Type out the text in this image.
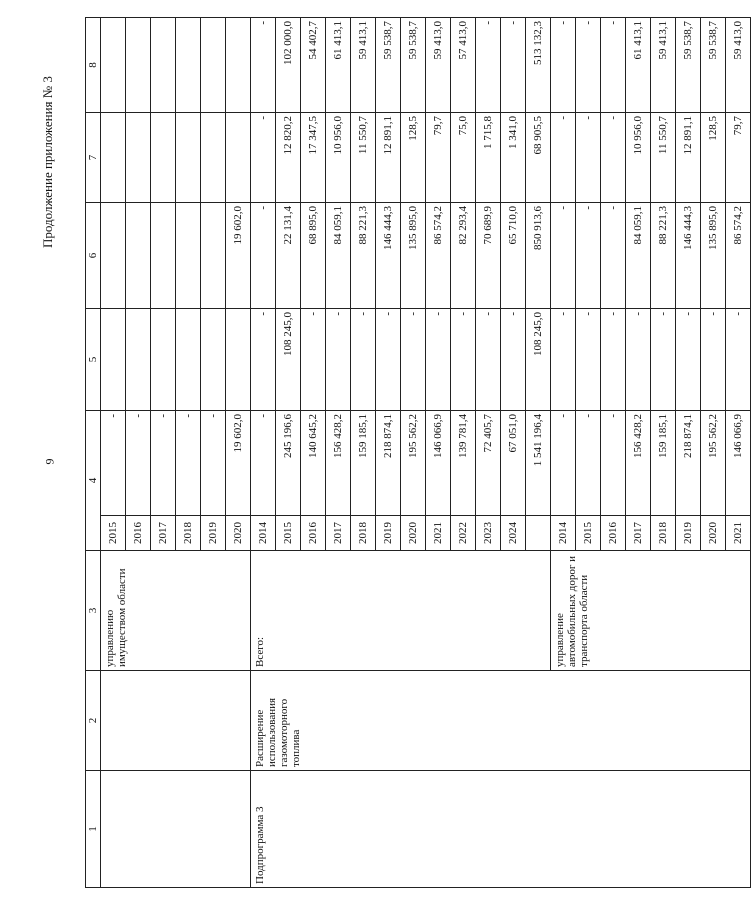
9
Продолжение приложения № 3
1	2	3	4		5	6	7	8
		управлению имуществом области	2015	-				
			2016	-				
			2017	-				
			2018	-				
			2019	-				
			2020	19 602,0		19 602,0		
Подпрограмма 3	Расширение использования газомоторного топлива	Всего:	2014	-	-	-	-	-
			2015	245 196,6	108 245,0	22 131,4	12 820,2	102 000,0
			2016	140 645,2	-	68 895,0	17 347,5	54 402,7
			2017	156 428,2	-	84 059,1	10 956,0	61 413,1
			2018	159 185,1	-	88 221,3	11 550,7	59 413,1
			2019	218 874,1	-	146 444,3	12 891,1	59 538,7
			2020	195 562,2	-	135 895,0	128,5	59 538,7
			2021	146 066,9	-	86 574,2	79,7	59 413,0
			2022	139 781,4	-	82 293,4	75,0	57 413,0
			2023	72 405,7	-	70 689,9	1 715,8	-
			2024	67 051,0	-	65 710,0	1 341,0	-
				1 541 196,4	108 245,0	850 913,6	68 905,5	513 132,3
		управление автомобильных дорог и транспорта области	2014	-	-	-	-	-
			2015	-	-	-	-	-
			2016	-	-	-	-	-
			2017	156 428,2	-	84 059,1	10 956,0	61 413,1
			2018	159 185,1	-	88 221,3	11 550,7	59 413,1
			2019	218 874,1	-	146 444,3	12 891,1	59 538,7
			2020	195 562,2	-	135 895,0	128,5	59 538,7
			2021	146 066,9	-	86 574,2	79,7	59 413,0
